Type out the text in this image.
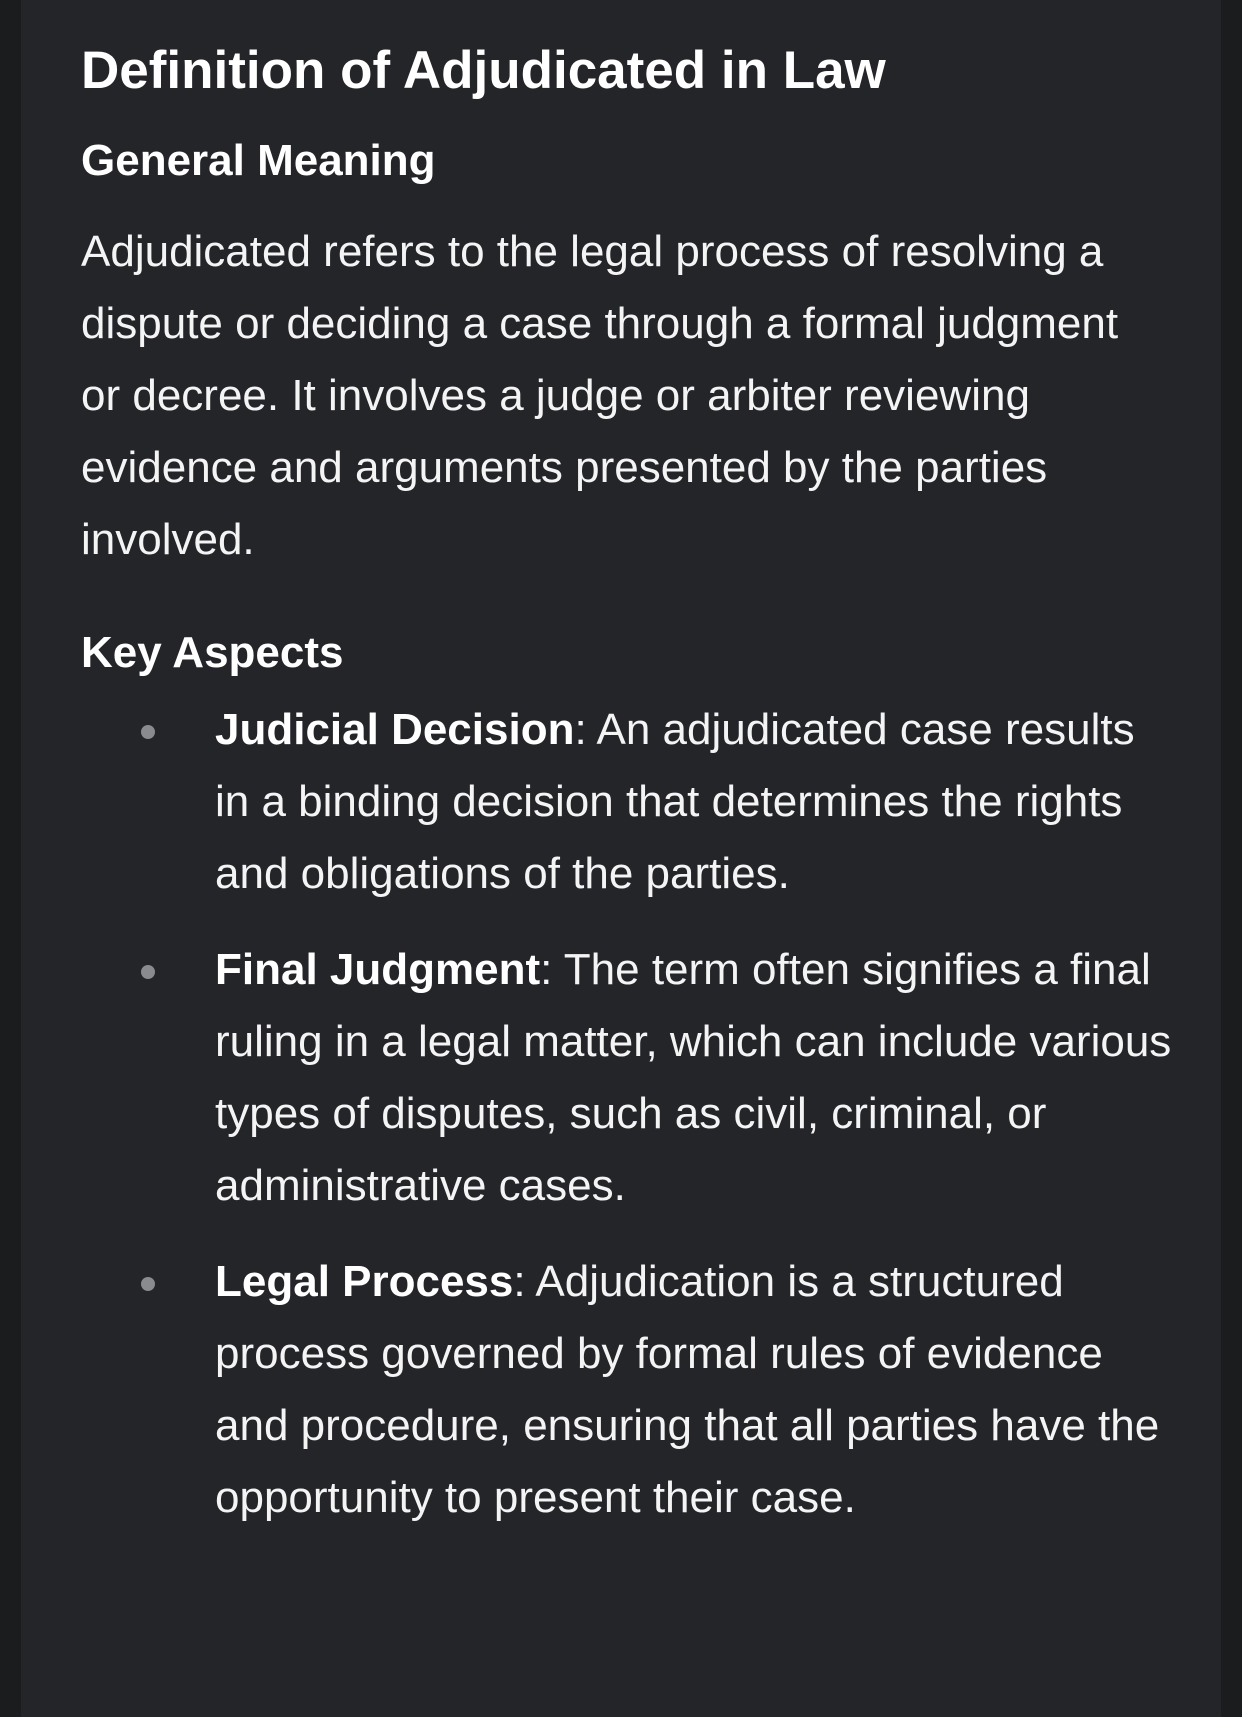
Definition of Adjudicated in Law
General Meaning

Adjudicated refers to the legal process of resolving a dispute or deciding a case through a formal judgment or decree. It involves a judge or arbiter reviewing evidence and arguments presented by the parties involved.

Key Aspects
Judicial Decision: An adjudicated case results in a binding decision that determines the rights and obligations of the parties.
Final Judgment: The term often signifies a final ruling in a legal matter, which can include various types of disputes, such as civil, criminal, or administrative cases.
Legal Process: Adjudication is a structured process governed by formal rules of evidence and procedure, ensuring that all parties have the opportunity to present their case.
